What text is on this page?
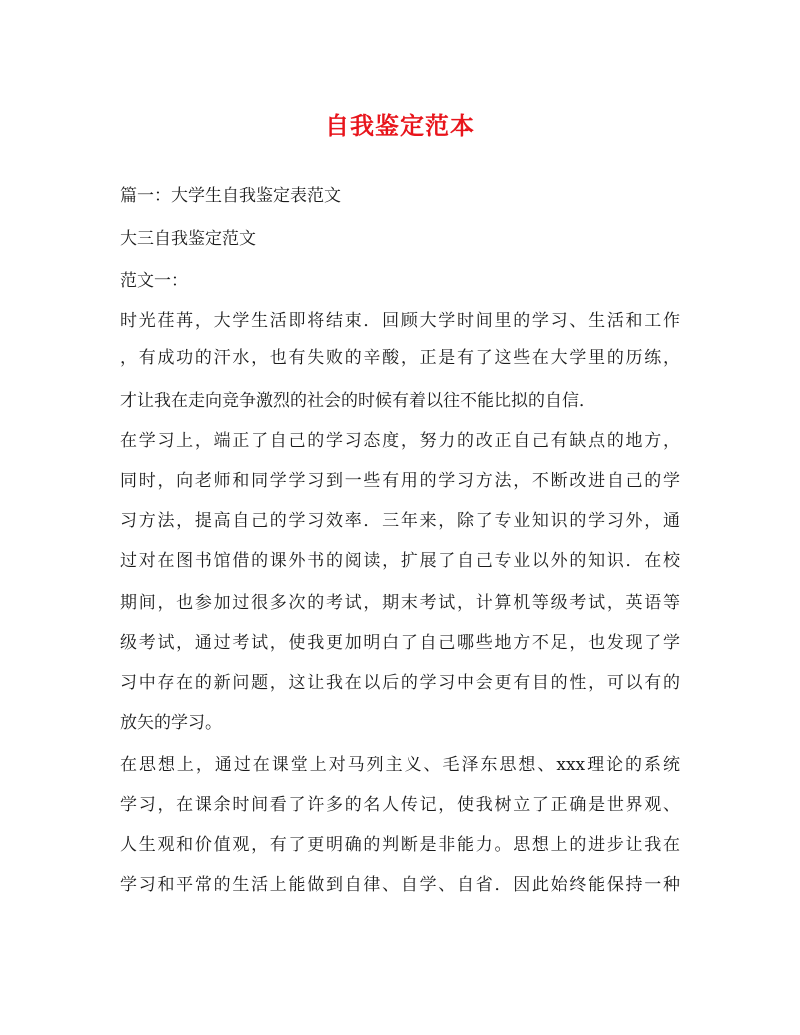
自我鉴定范本
篇一：大学生自我鉴定表范文
大三自我鉴定范文
范文一：
时光荏苒，大学生活即将结束．回顾大学时间里的学习、生活和工作
，有成功的汗水，也有失败的辛酸，正是有了这些在大学里的历练，
才让我在走向竞争激烈的社会的时候有着以往不能比拟的自信．
在学习上，端正了自己的学习态度，努力的改正自己有缺点的地方，
同时，向老师和同学学习到一些有用的学习方法，不断改进自己的学
习方法，提高自己的学习效率．三年来，除了专业知识的学习外，通
过对在图书馆借的课外书的阅读，扩展了自己专业以外的知识．在校
期间，也参加过很多次的考试，期末考试，计算机等级考试，英语等
级考试，通过考试，使我更加明白了自己哪些地方不足，也发现了学
习中存在的新问题，这让我在以后的学习中会更有目的性，可以有的
放矢的学习。
在思想上，通过在课堂上对马列主义、毛泽东思想、xxx理论的系统
学习，在课余时间看了许多的名人传记，使我树立了正确是世界观、
人生观和价值观，有了更明确的判断是非能力。思想上的进步让我在
学习和平常的生活上能做到自律、自学、自省．因此始终能保持一种
